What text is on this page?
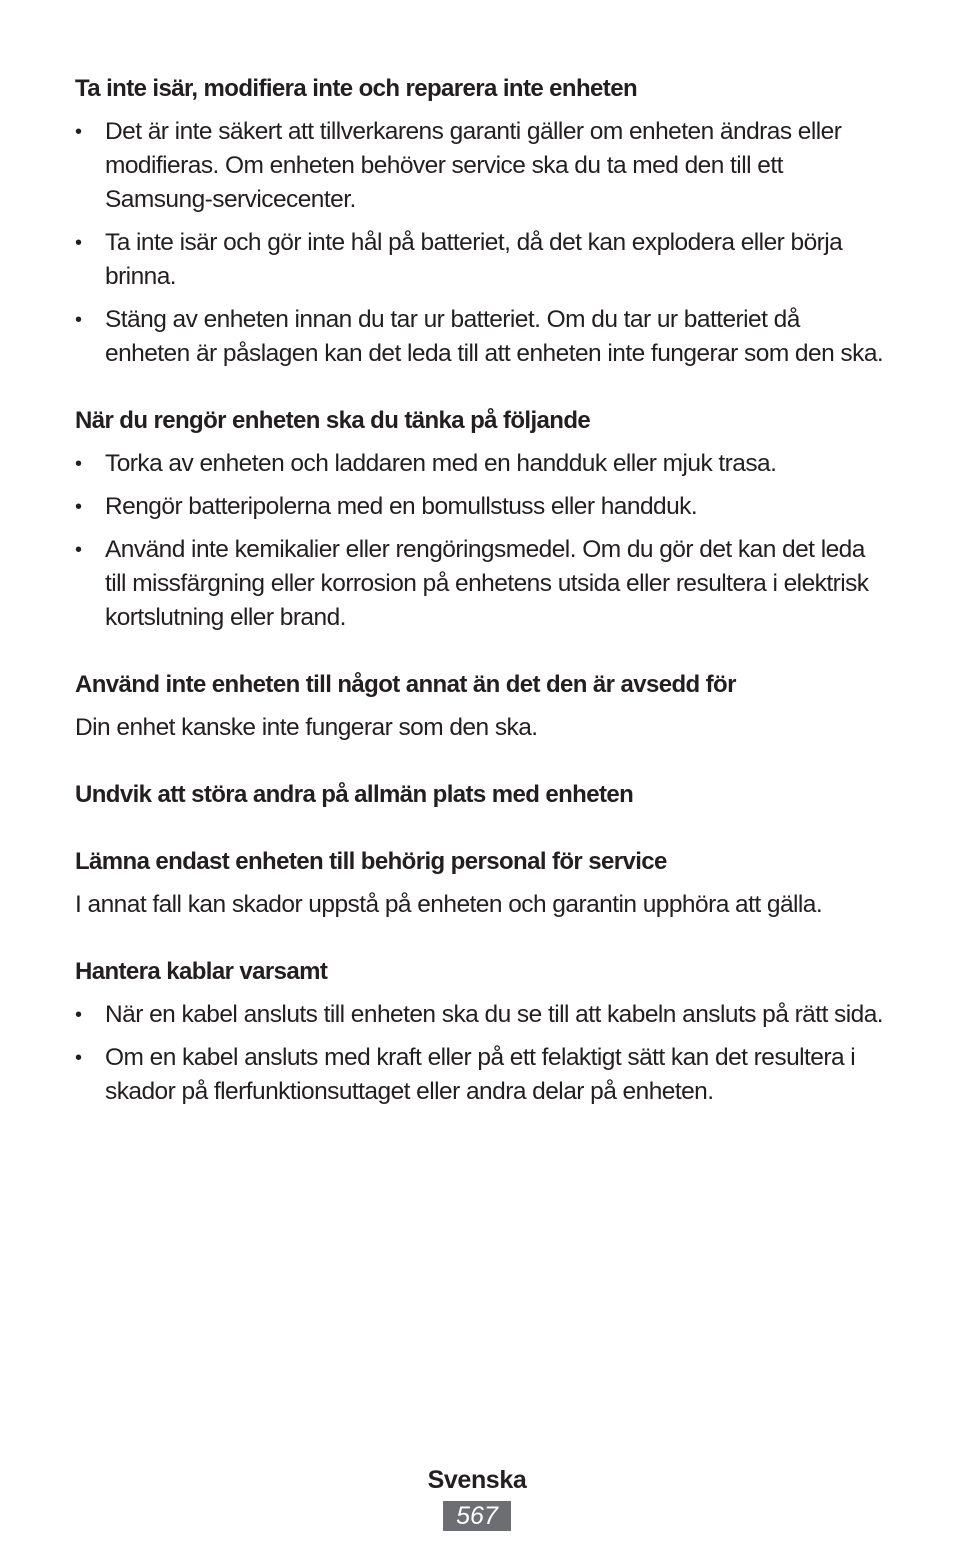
Ta inte isär, modifiera inte och reparera inte enheten
• Det är inte säkert att tillverkarens garanti gäller om enheten ändras eller modifieras. Om enheten behöver service ska du ta med den till ett Samsung-servicecenter.
• Ta inte isär och gör inte hål på batteriet, då det kan explodera eller börja brinna.
• Stäng av enheten innan du tar ur batteriet. Om du tar ur batteriet då enheten är påslagen kan det leda till att enheten inte fungerar som den ska.
När du rengör enheten ska du tänka på följande
• Torka av enheten och laddaren med en handduk eller mjuk trasa.
• Rengör batteripolerna med en bomullstuss eller handduk.
• Använd inte kemikalier eller rengöringsmedel. Om du gör det kan det leda till missfärgning eller korrosion på enhetens utsida eller resultera i elektrisk kortslutning eller brand.
Använd inte enheten till något annat än det den är avsedd för

Din enhet kanske inte fungerar som den ska.

Undvik att störa andra på allmän plats med enheten
Lämna endast enheten till behörig personal för service

I annat fall kan skador uppstå på enheten och garantin upphöra att gälla.

Hantera kablar varsamt
• När en kabel ansluts till enheten ska du se till att kabeln ansluts på rätt sida.
• Om en kabel ansluts med kraft eller på ett felaktigt sätt kan det resultera i skador på flerfunktionsuttaget eller andra delar på enheten.
Svenska
567
